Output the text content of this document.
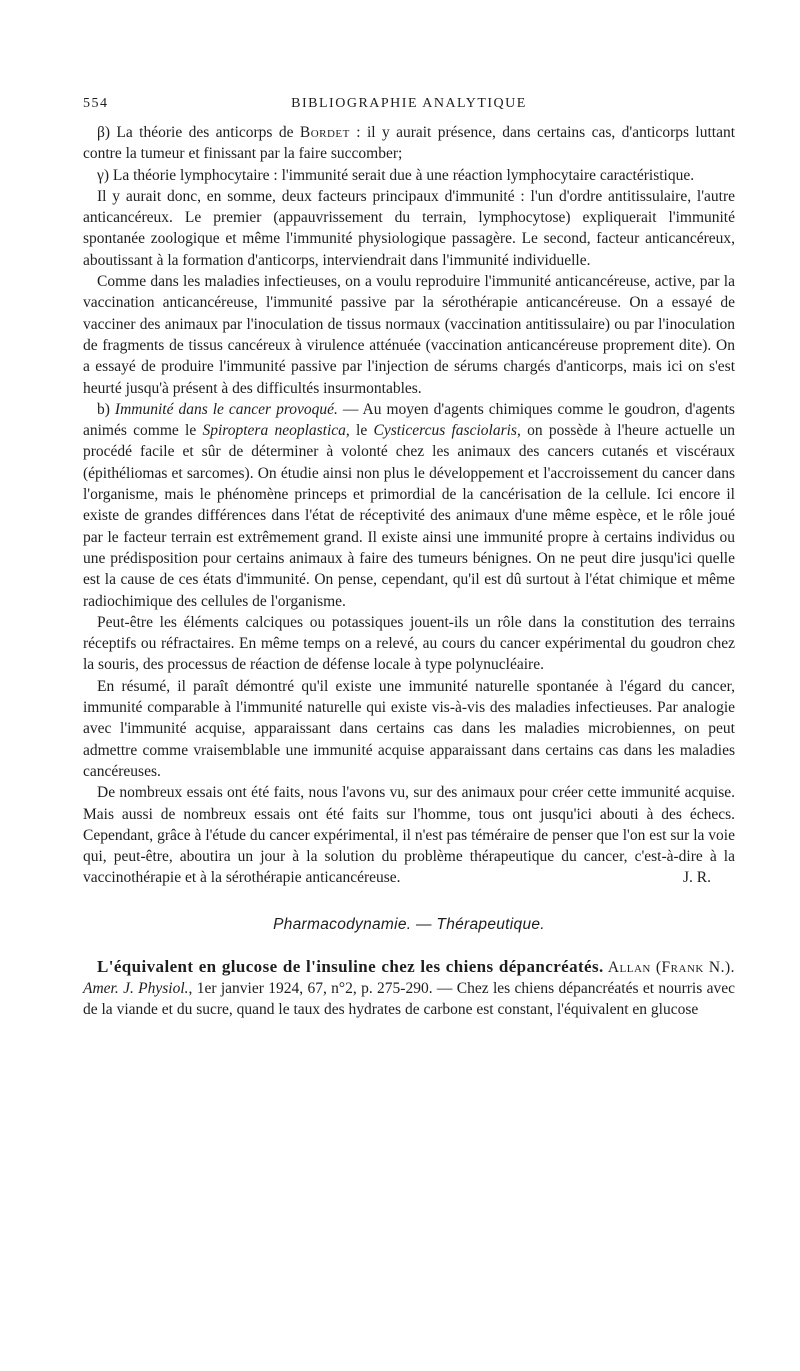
554	BIBLIOGRAPHIE ANALYTIQUE

β) La théorie des anticorps de Bordet : il y aurait présence, dans certains cas, d'anticorps luttant contre la tumeur et finissant par la faire succomber;

γ) La théorie lymphocytaire : l'immunité serait due à une réaction lymphocytaire caractéristique.

Il y aurait donc, en somme, deux facteurs principaux d'immunité : l'un d'ordre antitissulaire, l'autre anticancéreux. Le premier (appauvrissement du terrain, lymphocytose) expliquerait l'immunité spontanée zoologique et même l'immunité physiologique passagère. Le second, facteur anticancéreux, aboutissant à la formation d'anticorps, interviendrait dans l'immunité individuelle.

Comme dans les maladies infectieuses, on a voulu reproduire l'immunité anticancéreuse, active, par la vaccination anticancéreuse, l'immunité passive par la sérothérapie anticancéreuse. On a essayé de vacciner des animaux par l'inoculation de tissus normaux (vaccination antitissulaire) ou par l'inoculation de fragments de tissus cancéreux à virulence atténuée (vaccination anticancéreuse proprement dite). On a essayé de produire l'immunité passive par l'injection de sérums chargés d'anticorps, mais ici on s'est heurté jusqu'à présent à des difficultés insurmontables.

b) Immunité dans le cancer provoqué. — Au moyen d'agents chimiques comme le goudron, d'agents animés comme le Spiroptera neoplastica, le Cysticercus fasciolaris, on possède à l'heure actuelle un procédé facile et sûr de déterminer à volonté chez les animaux des cancers cutanés et viscéraux (épithéliomas et sarcomes). On étudie ainsi non plus le développement et l'accroissement du cancer dans l'organisme, mais le phénomène princeps et primordial de la cancérisation de la cellule. Ici encore il existe de grandes différences dans l'état de réceptivité des animaux d'une même espèce, et le rôle joué par le facteur terrain est extrêmement grand. Il existe ainsi une immunité propre à certains individus ou une prédisposition pour certains animaux à faire des tumeurs bénignes. On ne peut dire jusqu'ici quelle est la cause de ces états d'immunité. On pense, cependant, qu'il est dû surtout à l'état chimique et même radiochimique des cellules de l'organisme.

Peut-être les éléments calciques ou potassiques jouent-ils un rôle dans la constitution des terrains réceptifs ou réfractaires. En même temps on a relevé, au cours du cancer expérimental du goudron chez la souris, des processus de réaction de défense locale à type polynucléaire.

En résumé, il paraît démontré qu'il existe une immunité naturelle spontanée à l'égard du cancer, immunité comparable à l'immunité naturelle qui existe vis-à-vis des maladies infectieuses. Par analogie avec l'immunité acquise, apparaissant dans certains cas dans les maladies microbiennes, on peut admettre comme vraisemblable une immunité acquise apparaissant dans certains cas dans les maladies cancéreuses.

De nombreux essais ont été faits, nous l'avons vu, sur des animaux pour créer cette immunité acquise. Mais aussi de nombreux essais ont été faits sur l'homme, tous ont jusqu'ici abouti à des échecs. Cependant, grâce à l'étude du cancer expérimental, il n'est pas téméraire de penser que l'on est sur la voie qui, peut-être, aboutira un jour à la solution du problème thérapeutique du cancer, c'est-à-dire à la vaccinothérapie et à la sérothérapie anticancéreuse.	J. R.

Pharmacodynamie. — Thérapeutique.

L'équivalent en glucose de l'insuline chez les chiens dépancréatés. Allan (Frank N.). Amer. J. Physiol., 1er janvier 1924, 67, n°2, p. 275-290. — Chez les chiens dépancréatés et nourris avec de la viande et du sucre, quand le taux des hydrates de carbone est constant, l'équivalent en glucose
